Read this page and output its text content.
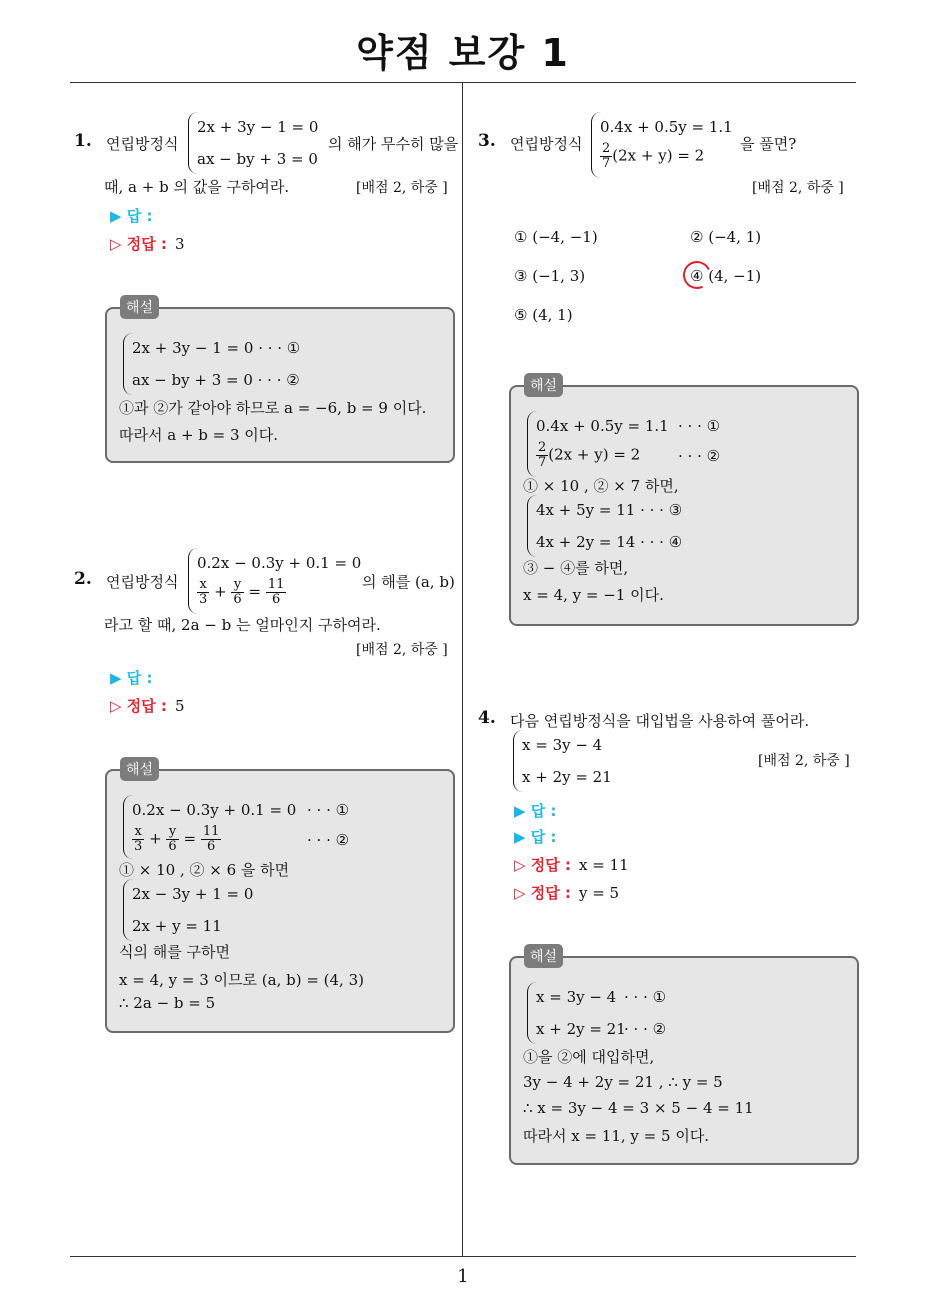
약점 보강 1
1
1. 연립방정식
2x + 3y − 1 = 0
ax − by + 3 = 0
의 해가 무수히 많을
때, a + b 의 값을 구하여라.	[배점 2, 하중 ]
▶ 답 :
▷ 정답 : 3
2x + 3y − 1 = 0 · · · ①
ax − by + 3 = 0 · · · ②
①과 ②가 같아야 하므로 a = −6, b = 9 이다.
따라서 a + b = 3 이다.
해설
2. 연립방정식
0.2x − 0.3y + 0.1 = 0
$\frac{x}{3} + \frac{y}{6} = \frac{11}{6}$	의 해를 (a, b)
라고 할 때, 2a − b 는 얼마인지 구하여라.
[배점 2, 하중 ]
▶ 답 :
▷ 정답 : 5
0.2x − 0.3y + 0.1 = 0
$\frac{x}{3} + \frac{y}{6} = \frac{11}{6}$
· · · ①
· · · ②
① × 10 , ② × 6 을 하면
2x − 3y + 1 = 0
2x + y = 11
식의 해를 구하면
x = 4, y = 3 이므로 (a, b) = (4, 3)
∴ 2a − b = 5
해설
3. 연립방정식
0.4x + 0.5y = 1.1
$\frac{2}{7} (2x + y) = 2$
을 풀면?
[배점 2, 하중 ]
① (−4, −1)	② (−4, 1)
③ (−1, 3)	④ (4, −1)
⑤ (4, 1)
0.4x + 0.5y = 1.1
$\frac{2}{7} (2x + y) = 2$
· · · ①
· · · ②
① × 10 , ② × 7 하면,
4x + 5y = 11 · · · ③
4x + 2y = 14 · · · ④
③ − ④를 하면,
x = 4, y = −1 이다.
해설
4. 다음 연립방정식을 대입법을 사용하여 풀어라.
x = 3y − 4
x + 2y = 21
[배점 2, 하중 ]
▶ 답 :
▶ 답 :
▷ 정답 : x = 11
▷ 정답 : y = 5
x = 3y − 4
x + 2y = 21
· · · ①
· · · ②
①을 ②에 대입하면,
3y − 4 + 2y = 21 , ∴ y = 5
∴ x = 3y − 4 = 3 × 5 − 4 = 11
따라서 x = 11, y = 5 이다.
해설
